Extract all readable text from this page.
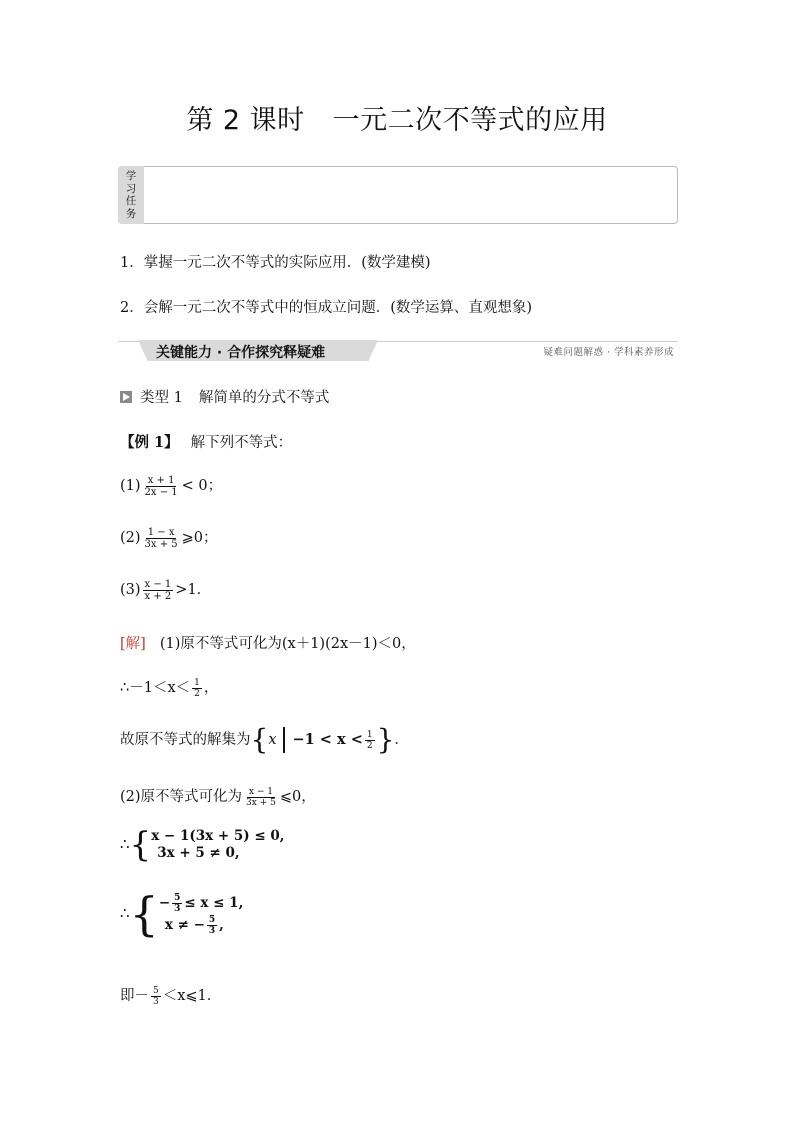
第 2 课时 一元二次不等式的应用
学
习
任
务
1．掌握一元二次不等式的实际应用．(数学建模)
2．会解一元二次不等式中的恒成立问题．(数学运算、直观想象)
关键能力 · 合作探究释疑难	疑难问题解惑 · 学科素养形成
类型 1 解简单的分式不等式
【例 1】 解下列不等式：
$(1) \frac{x + 1}{2x - 1} < 0$；
$(2) \frac{1 - x}{3x + 5}$ ⩾0；
$(3) \frac{x - 1}{x + 2} >1$．
[解] (1)原不等式可化为(x＋1)(2x－1)＜0，
∴－1＜x＜ $\frac{1}{2}$ ，
故原不等式的解集为{$x -1 < x < \frac{1}{2}$ }．
(2)原不等式可化为 $\frac{x - 1}{3x + 5}$ ⩽0，
∴{ x − 1(3x + 5) ≤ 0,
3x + 5 ≠ 0,
∴{ − $\frac{5}{3} \le x \le 1$,
x ≠ − $\frac{5}{3}$ ,
即－ $\frac{5}{3}$ ＜x⩽1．
